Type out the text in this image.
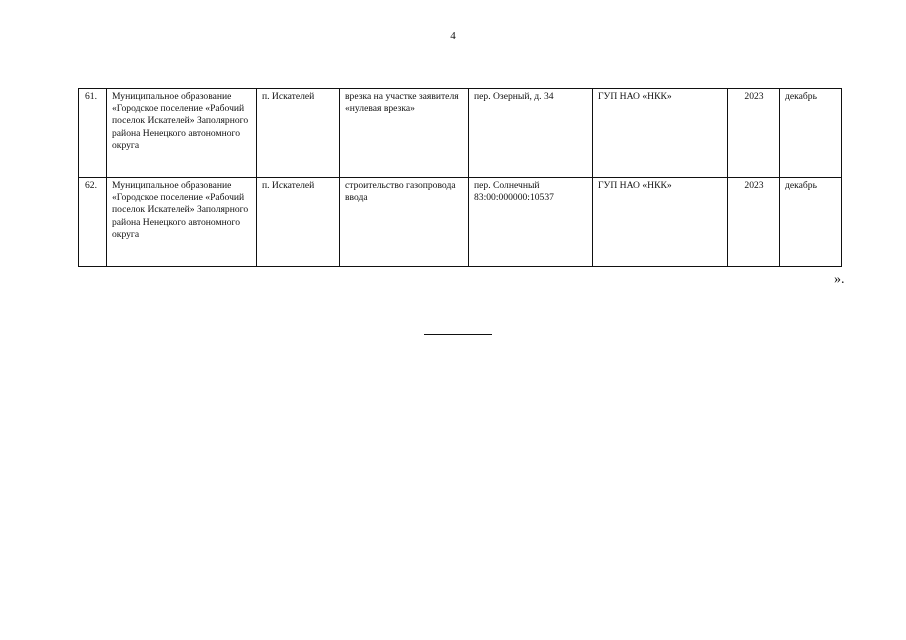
4
61.	Муниципальное образование «Городское поселение «Рабочий поселок Искателей» Заполярного района Ненецкого автономного округа	п. Искателей	врезка на участке заявителя «нулевая врезка»	пер. Озерный, д. 34	ГУП НАО «НКК»	2023	декабрь
62.	Муниципальное образование «Городское поселение «Рабочий поселок Искателей» Заполярного района Ненецкого автономного округа	п. Искателей	строительство газопровода ввода	пер. Солнечный 83:00:000000:10537	ГУП НАО «НКК»	2023	декабрь
».
